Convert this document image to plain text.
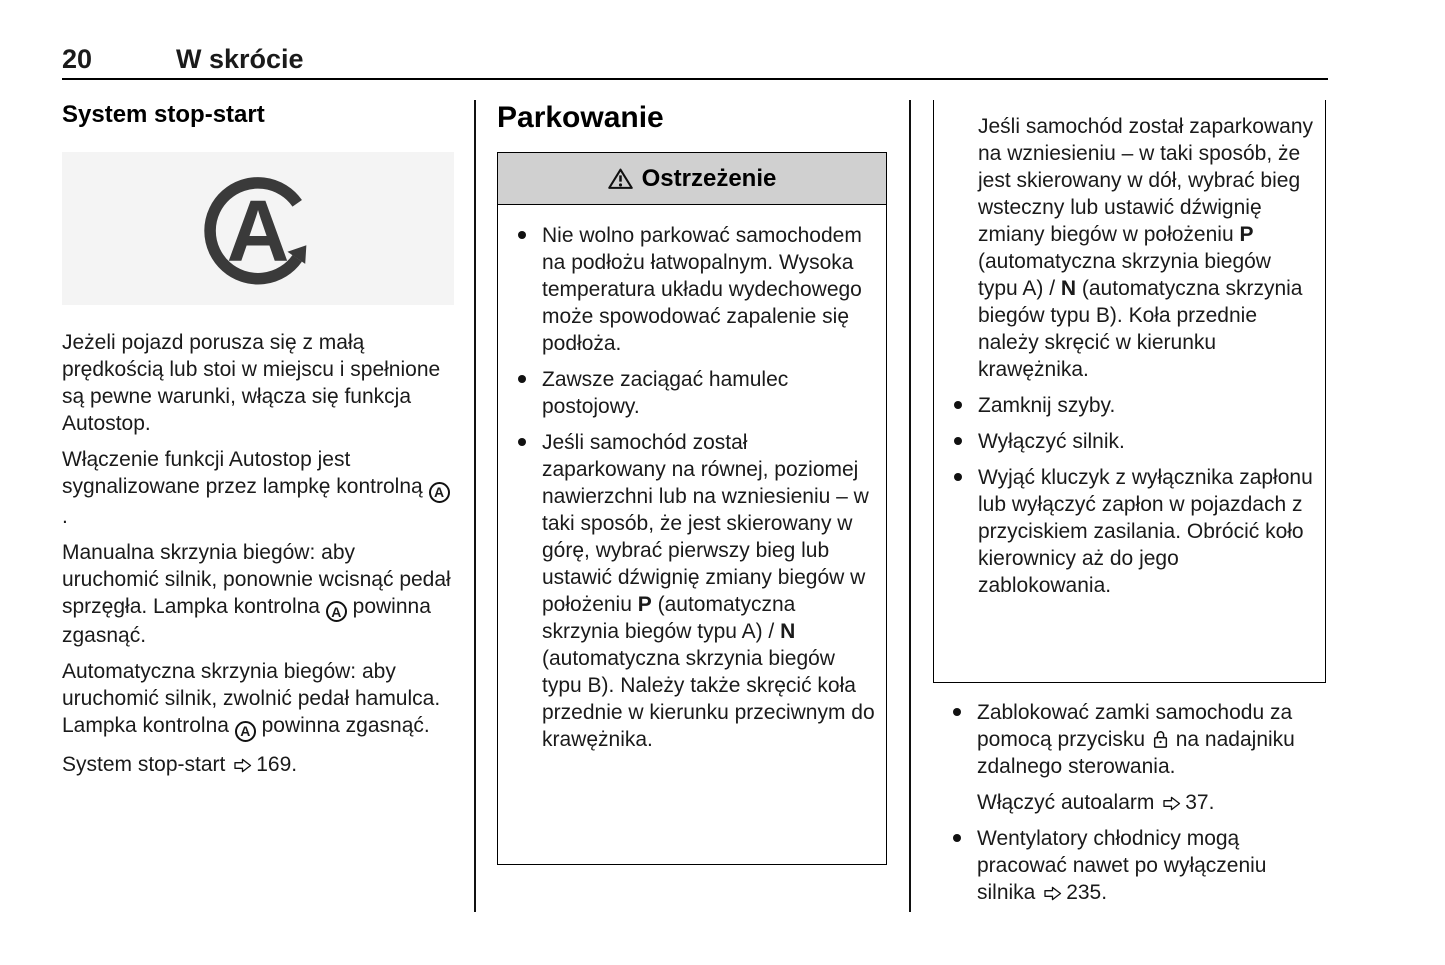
20	W skrócie
System stop-start
A

Jeżeli pojazd porusza się z małą prędkością lub stoi w miejscu i spełnione są pewne warunki, włącza się funkcja Autostop.

Włączenie funkcji Autostop jest sygnalizowane przez lampkę kontrolną A.

Manualna skrzynia biegów: aby uruchomić silnik, ponownie wcisnąć pedał sprzęgła. Lampka kontrolna A powinna zgasnąć.

Automatyczna skrzynia biegów: aby uruchomić silnik, zwolnić pedał hamulca. Lampka kontrolna A powinna zgasnąć.

System stop-start 169.

Parkowanie
Ostrzeżenie
Nie wolno parkować samochodem na podłożu łatwopalnym. Wysoka temperatura układu wydechowego może spowodować zapalenie się podłoża.
Zawsze zaciągać hamulec postojowy.
Jeśli samochód został zaparkowany na równej, poziomej nawierzchni lub na wzniesieniu – w taki sposób, że jest skierowany w górę, wybrać pierwszy bieg lub ustawić dźwignię zmiany biegów w położeniu P (automatyczna skrzynia biegów typu A) / N (automatyczna skrzynia biegów typu B). Należy także skręcić koła przednie w kierunku przeciwnym do krawężnika.
Jeśli samochód został zaparkowany na wzniesieniu – w taki sposób, że jest skierowany w dół, wybrać bieg wsteczny lub ustawić dźwignię zmiany biegów w położeniu P (automatyczna skrzynia biegów typu A) / N (automatyczna skrzynia biegów typu B). Koła przednie należy skręcić w kierunku krawężnika.
Zamknij szyby.
Wyłączyć silnik.
Wyjąć kluczyk z wyłącznika zapłonu lub wyłączyć zapłon w pojazdach z przyciskiem zasilania. Obrócić koło kierownicy aż do jego zablokowania.
Zablokować zamki samochodu za pomocą przycisku  na nadajniku zdalnego sterowania.
Włączyć autoalarm 37.
Wentylatory chłodnicy mogą pracować nawet po wyłączeniu silnika 235.
